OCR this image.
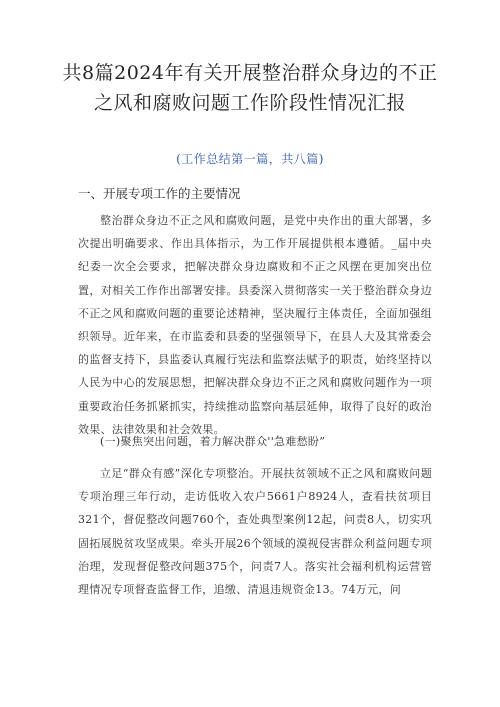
共8篇2024年有关开展整治群众身边的不正之风和腐败问题工作阶段性情况汇报
(工作总结第一篇，共八篇)
一、开展专项工作的主要情况
整治群众身边不正之风和腐败问题，是党中央作出的重大部署，多次提出明确要求、作出具体指示，为工作开展提供根本遵循。_届中央纪委一次全会要求，把解决群众身边腐败和不正之风摆在更加突出位置，对相关工作作出部署安排。县委深入贯彻落实一关于整治群众身边不正之风和腐败问题的重要论述精神，坚决履行主体责任，全面加强组织领导。近年来，在市监委和县委的坚强领导下，在县人大及其常委会的监督支持下，县监委认真履行宪法和监察法赋予的职责，始终坚持以人民为中心的发展思想，把解决群众身边不正之风和腐败问题作为一项重要政治任务抓紧抓实，持续推动监察向基层延伸，取得了良好的政治效果、法律效果和社会效果。
(一)聚焦突出问题，着力解决群众''急难愁盼”
立足“群众有感”深化专项整治。开展扶贫领域不正之风和腐败问题专项治理三年行动，走访低收入农户5661户8924人，查看扶贫项目321个，督促整改问题760个，查处典型案例12起，问责8人，切实巩固拓展脱贫攻坚成果。牵头开展26个领域的漠视侵害群众利益问题专项治理，发现督促整改问题375个，问责7人。落实社会福利机构运营管理情况专项督查监督工作，追缴、清退违规资金13。74万元，问
